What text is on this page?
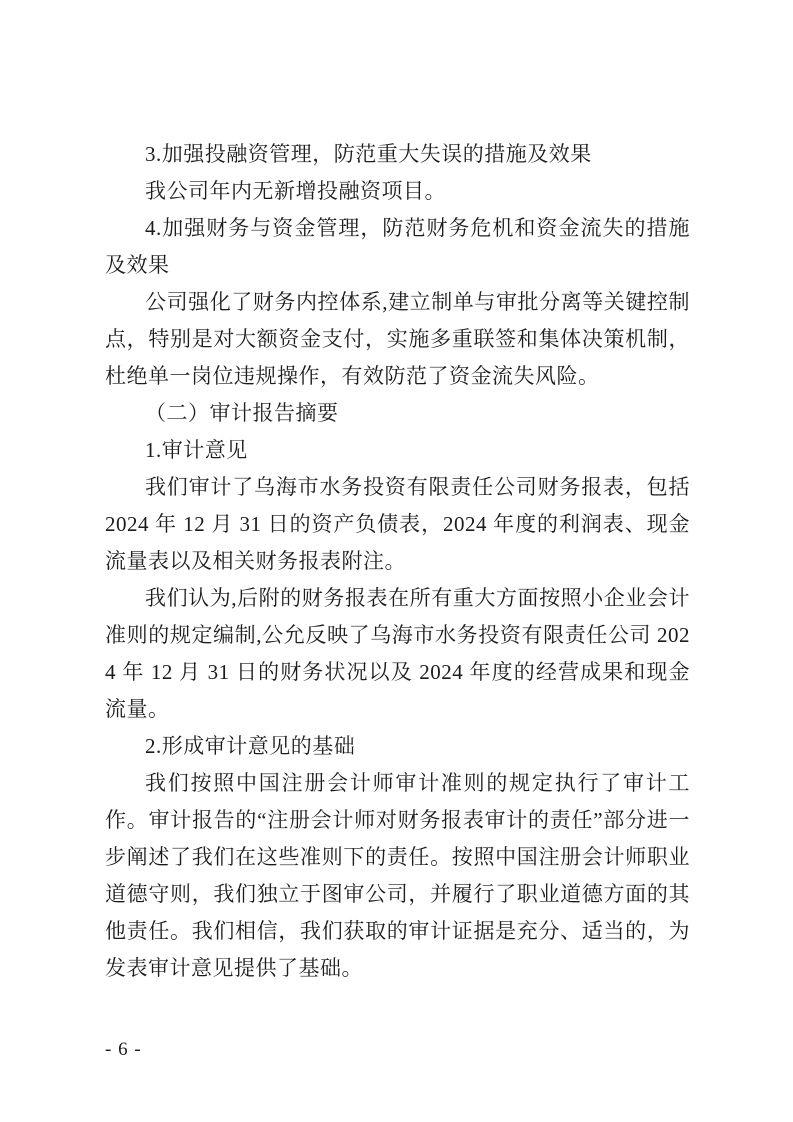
3.加强投融资管理，防范重大失误的措施及效果

我公司年内无新增投融资项目。

4.加强财务与资金管理，防范财务危机和资金流失的措施及效果

公司强化了财务内控体系,建立制单与审批分离等关键控制点，特别是对大额资金支付，实施多重联签和集体决策机制，杜绝单一岗位违规操作，有效防范了资金流失风险。

（二）审计报告摘要

1.审计意见

我们审计了乌海市水务投资有限责任公司财务报表，包括 2024 年 12 月 31 日的资产负债表，2024 年度的利润表、现金流量表以及相关财务报表附注。

我们认为,后附的财务报表在所有重大方面按照小企业会计准则的规定编制,公允反映了乌海市水务投资有限责任公司 2024 年 12 月 31 日的财务状况以及 2024 年度的经营成果和现金流量。

2.形成审计意见的基础

我们按照中国注册会计师审计准则的规定执行了审计工作。审计报告的“注册会计师对财务报表审计的责任”部分进一步阐述了我们在这些准则下的责任。按照中国注册会计师职业道德守则，我们独立于图审公司，并履行了职业道德方面的其他责任。我们相信，我们获取的审计证据是充分、适当的，为发表审计意见提供了基础。

- 6 -
